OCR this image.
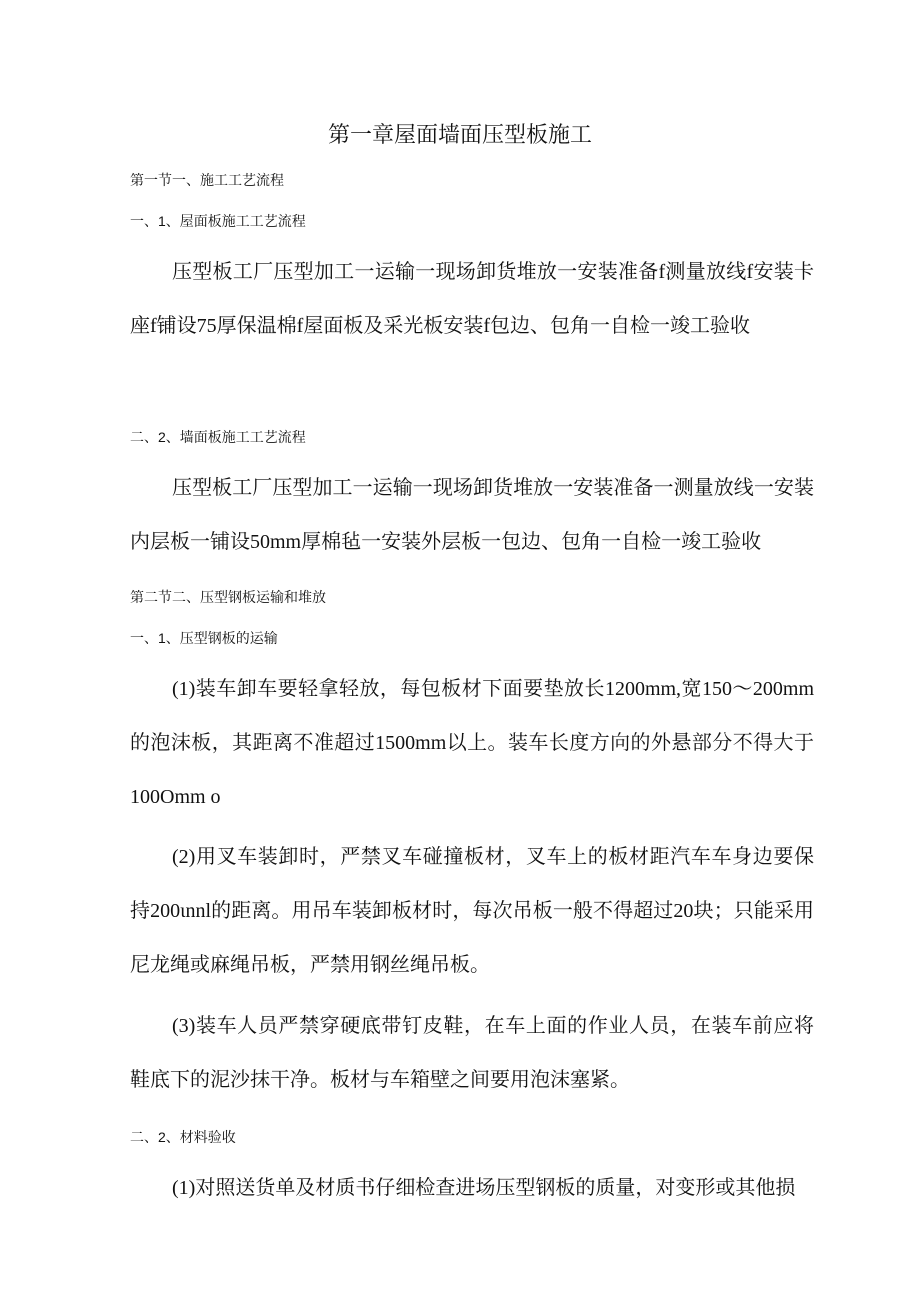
第一章屋面墙面压型板施工
第一节一、施工工艺流程
一、1、屋面板施工工艺流程

压型板工厂压型加工一运输一现场卸货堆放一安装准备f测量放线f安装卡座f铺设75厚保温棉f屋面板及采光板安装f包边、包角一自检一竣工验收

二、2、墙面板施工工艺流程

压型板工厂压型加工一运输一现场卸货堆放一安装准备一测量放线一安装内层板一铺设50mm厚棉毡一安装外层板一包边、包角一自检一竣工验收

第二节二、压型钢板运输和堆放
一、1、压型钢板的运输

(1)装车卸车要轻拿轻放，每包板材下面要垫放长1200mm,宽150～200mm的泡沫板，其距离不准超过1500mm以上。装车长度方向的外悬部分不得大于100Omm o

(2)用叉车装卸时，严禁叉车碰撞板材，叉车上的板材距汽车车身边要保持200ιnnl的距离。用吊车装卸板材时，每次吊板一般不得超过20块；只能采用尼龙绳或麻绳吊板，严禁用钢丝绳吊板。

(3)装车人员严禁穿硬底带钉皮鞋，在车上面的作业人员，在装车前应将鞋底下的泥沙抹干净。板材与车箱壁之间要用泡沫塞紧。

二、2、材料验收

(1)对照送货单及材质书仔细检查进场压型钢板的质量，对变形或其他损
